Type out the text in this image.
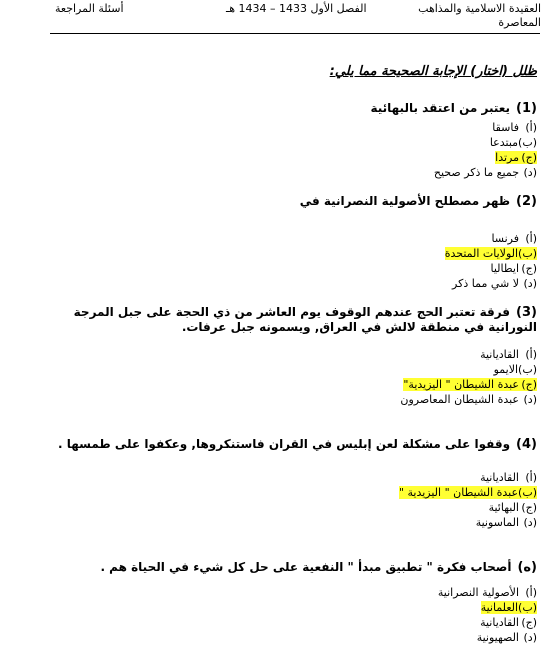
العقيدة الاسلامية والمذاهب
المعاصرة
الفصل الأول 1433 – 1434 هـ
أسئلة المراجعة
ظلل (اختار) الإجابة الصحيحة مما يلي:
(1)يعتبر من اعتقد بالبهائية
(أ)فاسقا
(ب)مبتدعا
(ج)مرتدا
(د)جميع ما ذكر صحيح
(2)ظهر مصطلح الأصولية النصرانية في
(أ)فرنسا
(ب)الولايات المتحدة
(ج)ايطاليا
(د)لا شي مما ذكر
(3)فرقة تعتبر الحج عندهم الوقوف يوم العاشر من ذي الحجة على جبل المرجة النورانية في منطقة لالش في العراق, ويسمونه جبل عرفات.
(أ)القاديانية
(ب)الايمو
(ج)عبدة الشيطان " اليزيدية"
(د)عبدة الشيطان المعاصرون
(4)وقفوا على مشكلة لعن إبليس في القران فاستنكروها, وعكفوا على طمسها .
(أ)القاديانية
(ب)عبدة الشيطان " اليزيدية "
(ج)البهائية
(د)الماسونية
(ه)أصحاب فكرة " تطبيق مبدأ " النفعية على حل كل شيء في الحياة هم .
(أ)الأصولية النصرانية
(ب)العلمانية
(ج)القاديانية
(د)الصهيونية
